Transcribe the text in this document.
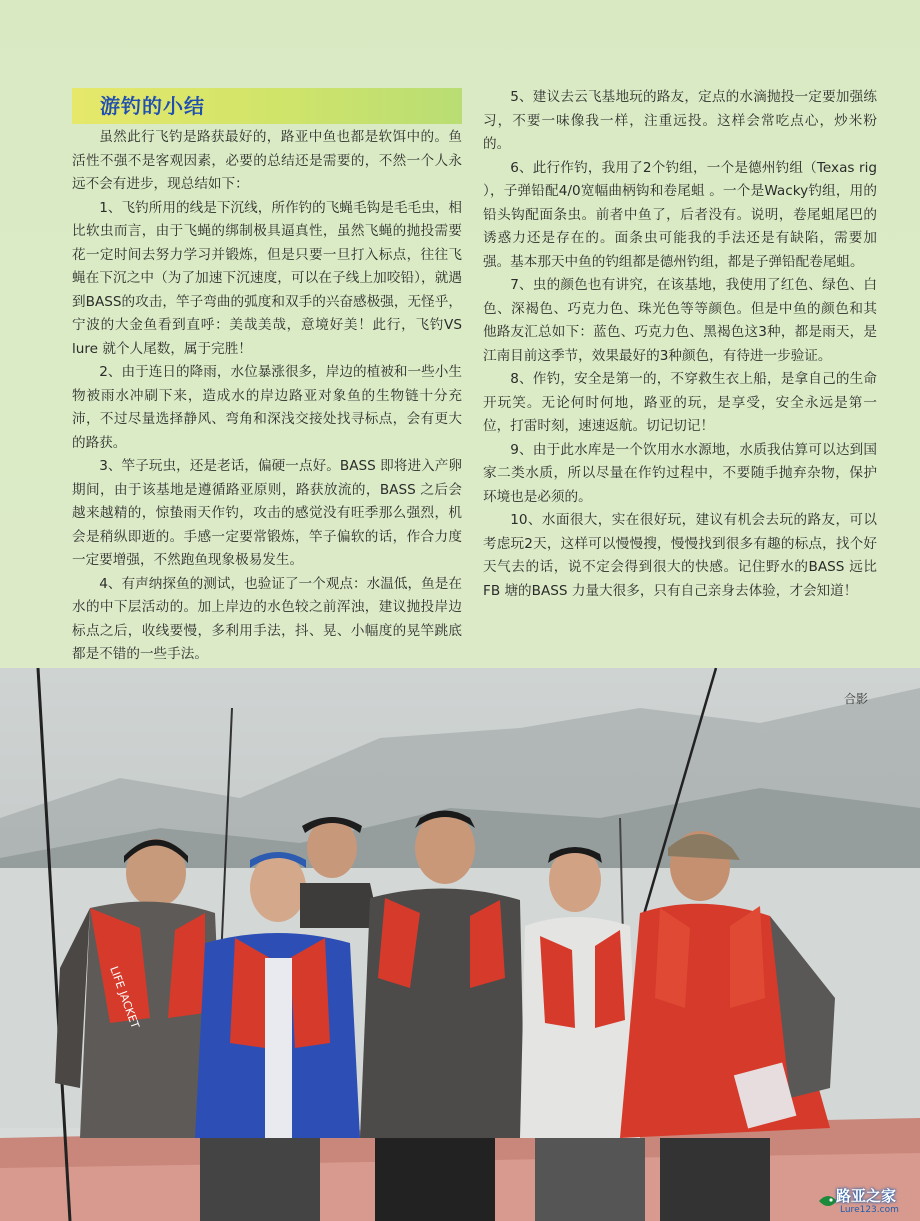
游钓的小结

虽然此行飞钓是路获最好的，路亚中鱼也都是软饵中的。鱼活性不强不是客观因素，必要的总结还是需要的，不然一个人永远不会有进步，现总结如下：

1、飞钓所用的线是下沉线，所作钓的飞蝇毛钩是毛毛虫，相比软虫而言，由于飞蝇的绑制极具逼真性，虽然飞蝇的抛投需要花一定时间去努力学习并锻炼，但是只要一旦打入标点，往往飞蝇在下沉之中（为了加速下沉速度，可以在子线上加咬铅），就遇到BASS的攻击，竿子弯曲的弧度和双手的兴奋感极强，无怪乎，宁波的大金鱼看到直呼：美哉美哉，意境好美！此行，飞钓VS lure 就个人尾数，属于完胜！

2、由于连日的降雨，水位暴涨很多，岸边的植被和一些小生物被雨水冲刷下来，造成水的岸边路亚对象鱼的生物链十分充沛，不过尽量选择静风、弯角和深浅交接处找寻标点，会有更大的路获。

3、竿子玩虫，还是老话，偏硬一点好。BASS 即将进入产卵期间，由于该基地是遵循路亚原则，路获放流的，BASS 之后会越来越精的，惊蛰雨天作钓，攻击的感觉没有旺季那么强烈，机会是稍纵即逝的。手感一定要常锻炼，竿子偏软的话，作合力度一定要增强，不然跑鱼现象极易发生。

4、有声纳探鱼的测试，也验证了一个观点：水温低，鱼是在水的中下层活动的。加上岸边的水色较之前浑浊，建议抛投岸边标点之后，收线要慢，多利用手法，抖、晃、小幅度的晃竿跳底都是不错的一些手法。

5、建议去云飞基地玩的路友，定点的水滴抛投一定要加强练习，不要一味像我一样，注重远投。这样会常吃点心，炒米粉的。

6、此行作钓，我用了2个钓组，一个是德州钓组（Texas rig ），子弹铅配4/0宽幅曲柄钩和卷尾蛆 。一个是Wacky钓组，用的铅头钩配面条虫。前者中鱼了，后者没有。说明，卷尾蛆尾巴的诱惑力还是存在的。面条虫可能我的手法还是有缺陷，需要加强。基本那天中鱼的钓组都是德州钓组，都是子弹铅配卷尾蛆。

7、虫的颜色也有讲究，在该基地，我使用了红色、绿色、白色、深褐色、巧克力色、珠光色等等颜色。但是中鱼的颜色和其他路友汇总如下：蓝色、巧克力色、黑褐色这3种，都是雨天，是江南目前这季节，效果最好的3种颜色，有待进一步验证。

8、作钓，安全是第一的，不穿救生衣上船，是拿自己的生命开玩笑。无论何时何地，路亚的玩，是享受，安全永远是第一位，打雷时刻，速速返航。切记切记！

9、由于此水库是一个饮用水水源地，水质我估算可以达到国家二类水质，所以尽量在作钓过程中，不要随手抛弃杂物，保护环境也是必须的。

10、水面很大，实在很好玩，建议有机会去玩的路友，可以考虑玩2天，这样可以慢慢搜，慢慢找到很多有趣的标点，找个好天气去的话，说不定会得到很大的快感。记住野水的BASS 远比FB 塘的BASS 力量大很多，只有自己亲身去体验，才会知道！

LIFE JACKET
合影
路亚之家
Lure123.com
